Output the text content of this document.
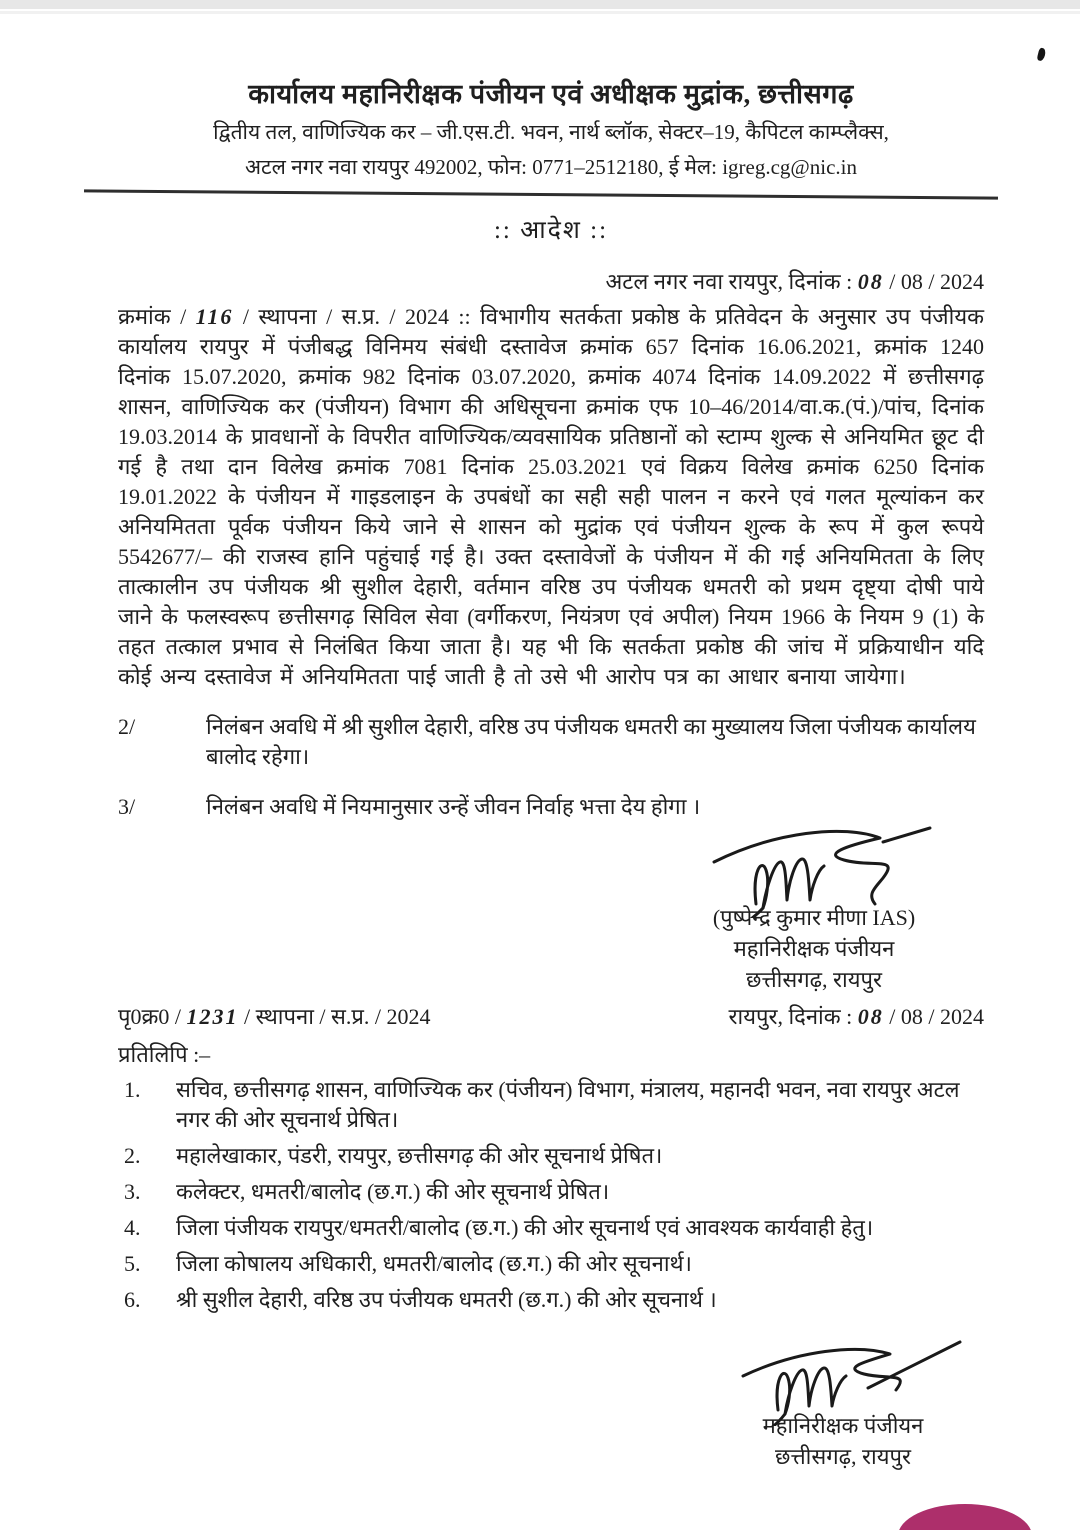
कार्यालय महानिरीक्षक पंजीयन एवं अधीक्षक मुद्रांक, छत्तीसगढ़
द्वितीय तल, वाणिज्यिक कर – जी.एस.टी. भवन, नार्थ ब्लॉक, सेक्टर–19, कैपिटल काम्प्लैक्स,
अटल नगर नवा रायपुर 492002, फोन: 0771–2512180, ई मेल: igreg.cg@nic.in
:: आदेश ::
अटल नगर नवा रायपुर, दिनांक : 08 / 08 / 2024
क्रमांक / 116 / स्थापना / स.प्र. / 2024 :: विभागीय सतर्कता प्रकोष्ठ के प्रतिवेदन के अनुसार उप पंजीयक कार्यालय रायपुर में पंजीबद्ध विनिमय संबंधी दस्तावेज क्रमांक 657 दिनांक 16.06.2021, क्रमांक 1240 दिनांक 15.07.2020, क्रमांक 982 दिनांक 03.07.2020, क्रमांक 4074 दिनांक 14.09.2022 में छत्तीसगढ़ शासन, वाणिज्यिक कर (पंजीयन) विभाग की अधिसूचना क्रमांक एफ 10–46/2014/वा.क.(पं.)/पांच, दिनांक 19.03.2014 के प्रावधानों के विपरीत वाणिज्यिक/व्यवसायिक प्रतिष्ठानों को स्टाम्प शुल्क से अनियमित छूट दी गई है तथा दान विलेख क्रमांक 7081 दिनांक 25.03.2021 एवं विक्रय विलेख क्रमांक 6250 दिनांक 19.01.2022 के पंजीयन में गाइडलाइन के उपबंधों का सही सही पालन न करने एवं गलत मूल्यांकन कर अनियमितता पूर्वक पंजीयन किये जाने से शासन को मुद्रांक एवं पंजीयन शुल्क के रूप में कुल रूपये 5542677/– की राजस्व हानि पहुंचाई गई है। उक्त दस्तावेजों के पंजीयन में की गई अनियमितता के लिए तात्कालीन उप पंजीयक श्री सुशील देहारी, वर्तमान वरिष्ठ उप पंजीयक धमतरी को प्रथम दृष्ट्या दोषी पाये जाने के फलस्वरूप छत्तीसगढ़ सिविल सेवा (वर्गीकरण, नियंत्रण एवं अपील) नियम 1966 के नियम 9 (1) के तहत तत्काल प्रभाव से निलंबित किया जाता है। यह भी कि सतर्कता प्रकोष्ठ की जांच में प्रक्रियाधीन यदि कोई अन्य दस्तावेज में अनियमितता पाई जाती है तो उसे भी आरोप पत्र का आधार बनाया जायेगा।
2/	निलंबन अवधि में श्री सुशील देहारी, वरिष्ठ उप पंजीयक धमतरी का मुख्यालय जिला पंजीयक कार्यालय बालोद रहेगा।
3/	निलंबन अवधि में नियमानुसार उन्हें जीवन निर्वाह भत्ता देय होगा ।
(पुष्पेन्द्र कुमार मीणा IAS)
महानिरीक्षक पंजीयन
छत्तीसगढ़, रायपुर
पृ0क्र0 / 1231 / स्थापना / स.प्र. / 2024	रायपुर, दिनांक : 08 / 08 / 2024
प्रतिलिपि :–
1.	सचिव, छत्तीसगढ़ शासन, वाणिज्यिक कर (पंजीयन) विभाग, मंत्रालय, महानदी भवन, नवा रायपुर अटल नगर की ओर सूचनार्थ प्रेषित।
2.	महालेखाकार, पंडरी, रायपुर, छत्तीसगढ़ की ओर सूचनार्थ प्रेषित।
3.	कलेक्टर, धमतरी/बालोद (छ.ग.) की ओर सूचनार्थ प्रेषित।
4.	जिला पंजीयक रायपुर/धमतरी/बालोद (छ.ग.) की ओर सूचनार्थ एवं आवश्यक कार्यवाही हेतु।
5.	जिला कोषालय अधिकारी, धमतरी/बालोद (छ.ग.) की ओर सूचनार्थ।
6.	श्री सुशील देहारी, वरिष्ठ उप पंजीयक धमतरी (छ.ग.) की ओर सूचनार्थ ।
महानिरीक्षक पंजीयन
छत्तीसगढ़, रायपुर
